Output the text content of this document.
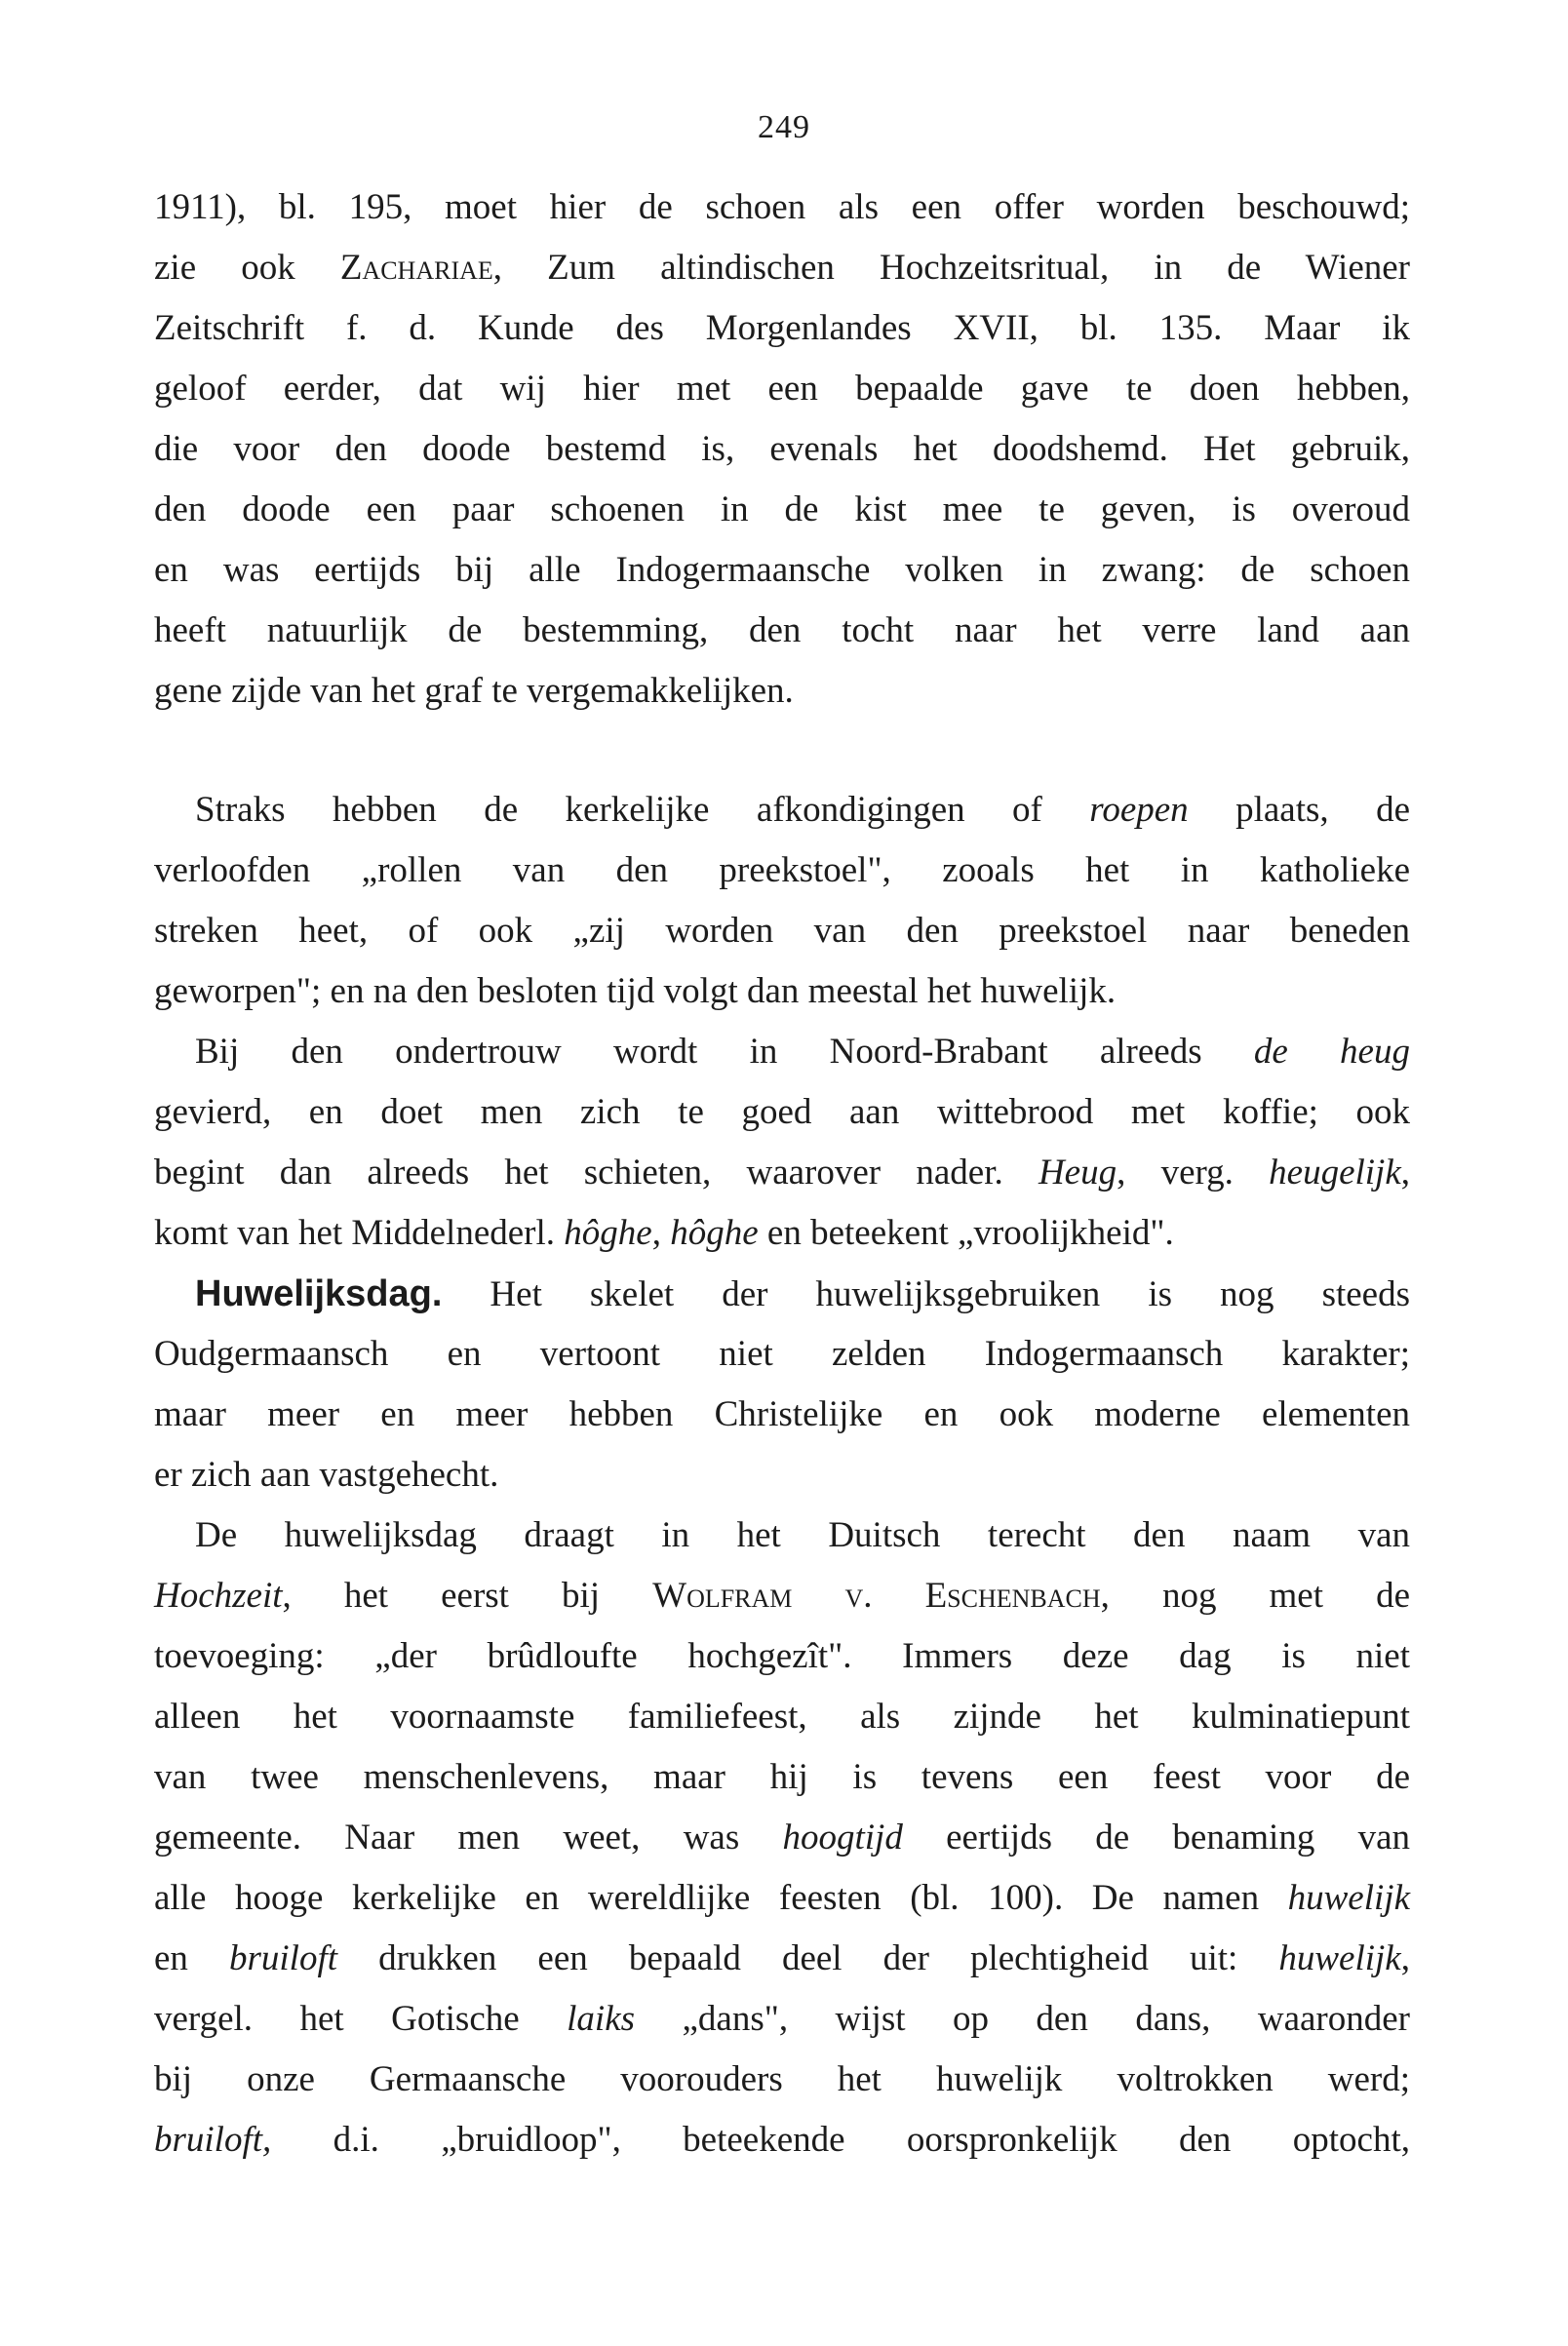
249
1911), bl. 195, moet hier de schoen als een offer worden beschouwd;
zie ook Zachariae, Zum altindischen Hochzeitsritual, in de Wiener
Zeitschrift f. d. Kunde des Morgenlandes XVII, bl. 135. Maar ik
geloof eerder, dat wij hier met een bepaalde gave te doen hebben,
die voor den doode bestemd is, evenals het doodshemd. Het gebruik,
den doode een paar schoenen in de kist mee te geven, is overoud
en was eertijds bij alle Indogermaansche volken in zwang: de schoen
heeft natuurlijk de bestemming, den tocht naar het verre land aan
gene zijde van het graf te vergemakkelijken.
Straks hebben de kerkelijke afkondigingen of roepen plaats, de
verloofden „rollen van den preekstoel", zooals het in katholieke
streken heet, of ook „zij worden van den preekstoel naar beneden
geworpen"; en na den besloten tijd volgt dan meestal het huwelijk.
Bij den ondertrouw wordt in Noord-Brabant alreeds de heug
gevierd, en doet men zich te goed aan wittebrood met koffie; ook
begint dan alreeds het schieten, waarover nader. Heug, verg. heugelijk,
komt van het Middelnederl. hôghe, hôghe en beteekent „vroolijkheid".
Huwelijksdag. Het skelet der huwelijksgebruiken is nog steeds
Oudgermaansch en vertoont niet zelden Indogermaansch karakter;
maar meer en meer hebben Christelijke en ook moderne elementen
er zich aan vastgehecht.
De huwelijksdag draagt in het Duitsch terecht den naam van
Hochzeit, het eerst bij Wolfram v. Eschenbach, nog met de
toevoeging: „der brûdloufte hochgezît". Immers deze dag is niet
alleen het voornaamste familiefeest, als zijnde het kulminatiepunt
van twee menschenlevens, maar hij is tevens een feest voor de
gemeente. Naar men weet, was hoogtijd eertijds de benaming van
alle hooge kerkelijke en wereldlijke feesten (bl. 100). De namen huwelijk
en bruiloft drukken een bepaald deel der plechtigheid uit: huwelijk,
vergel. het Gotische laiks „dans", wijst op den dans, waaronder
bij onze Germaansche voorouders het huwelijk voltrokken werd;
bruiloft, d.i. „bruidloop", beteekende oorspronkelijk den optocht,
